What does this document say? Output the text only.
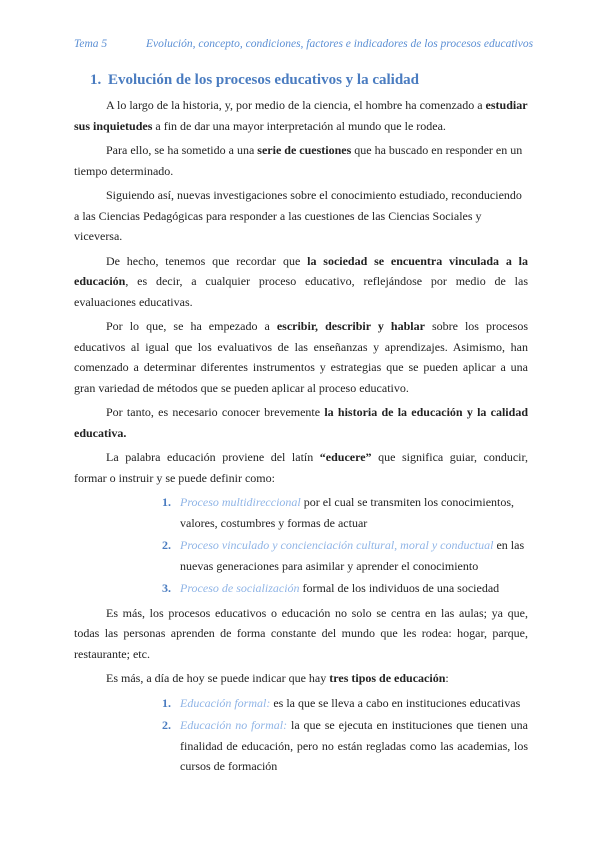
Tema 5	Evolución, concepto, condiciones, factores e indicadores de los procesos educativos
1. Evolución de los procesos educativos y la calidad

A lo largo de la historia, y, por medio de la ciencia, el hombre ha comenzado a estudiar sus inquietudes a fin de dar una mayor interpretación al mundo que le rodea.

Para ello, se ha sometido a una serie de cuestiones que ha buscado en responder en un tiempo determinado.

Siguiendo así, nuevas investigaciones sobre el conocimiento estudiado, reconduciendo a las Ciencias Pedagógicas para responder a las cuestiones de las Ciencias Sociales y viceversa.

De hecho, tenemos que recordar que la sociedad se encuentra vinculada a la educación, es decir, a cualquier proceso educativo, reflejándose por medio de las evaluaciones educativas.

Por lo que, se ha empezado a escribir, describir y hablar sobre los procesos educativos al igual que los evaluativos de las enseñanzas y aprendizajes. Asimismo, han comenzado a determinar diferentes instrumentos y estrategias que se pueden aplicar a una gran variedad de métodos que se pueden aplicar al proceso educativo.

Por tanto, es necesario conocer brevemente la historia de la educación y la calidad educativa.

La palabra educación proviene del latín “educere” que significa guiar, conducir, formar o instruir y se puede definir como:

1. Proceso multidireccional por el cual se transmiten los conocimientos, valores, costumbres y formas de actuar
2. Proceso vinculado y concienciación cultural, moral y conductual en las nuevas generaciones para asimilar y aprender el conocimiento
3. Proceso de socialización formal de los individuos de una sociedad

Es más, los procesos educativos o educación no solo se centra en las aulas; ya que, todas las personas aprenden de forma constante del mundo que les rodea: hogar, parque, restaurante; etc.

Es más, a día de hoy se puede indicar que hay tres tipos de educación:

1. Educación formal: es la que se lleva a cabo en instituciones educativas
2. Educación no formal: la que se ejecuta en instituciones que tienen una finalidad de educación, pero no están regladas como las academias, los cursos de formación
